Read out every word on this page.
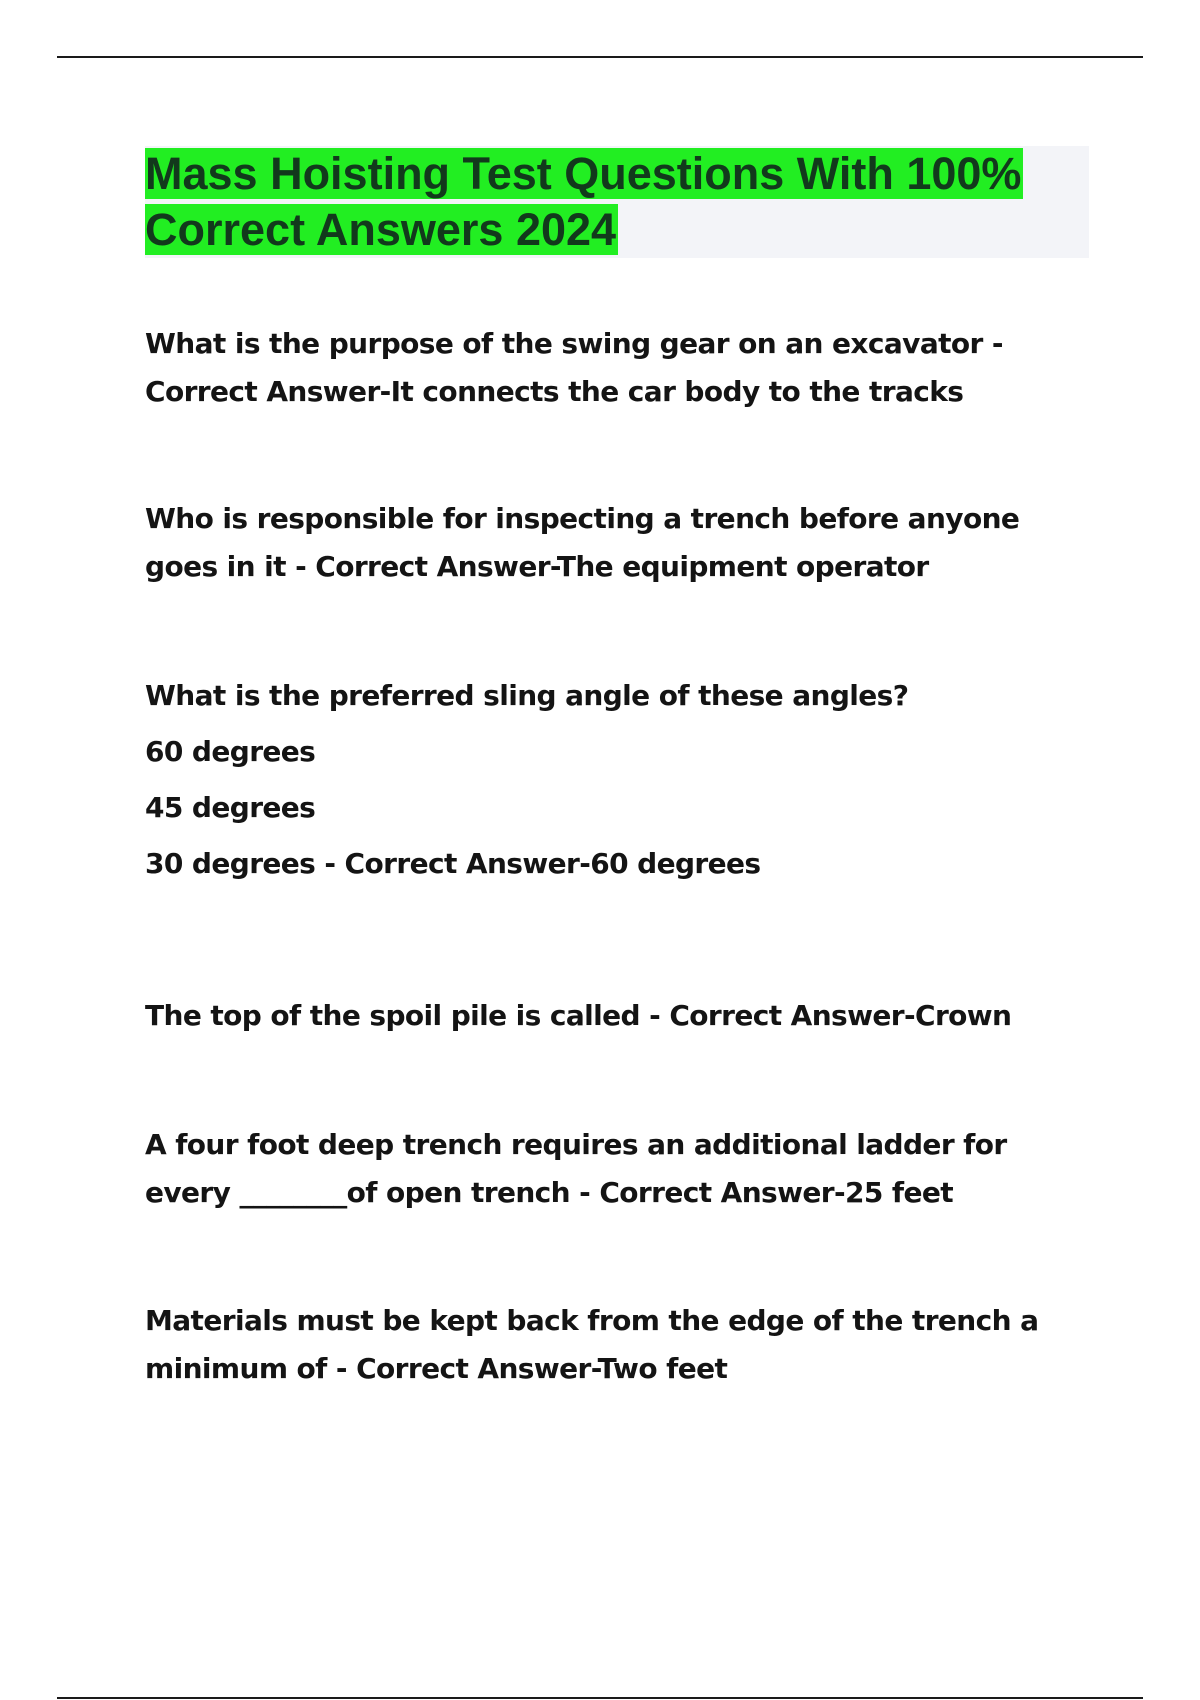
Mass Hoisting Test Questions With 100% Correct Answers 2024

What is the purpose of the swing gear on an excavator - Correct Answer-It connects the car body to the tracks

Who is responsible for inspecting a trench before anyone goes in it - Correct Answer-The equipment operator

What is the preferred sling angle of these angles?

60 degrees

45 degrees

30 degrees - Correct Answer-60 degrees

The top of the spoil pile is called - Correct Answer-Crown

A four foot deep trench requires an additional ladder for every ________of open trench - Correct Answer-25 feet

Materials must be kept back from the edge of the trench a minimum of - Correct Answer-Two feet
